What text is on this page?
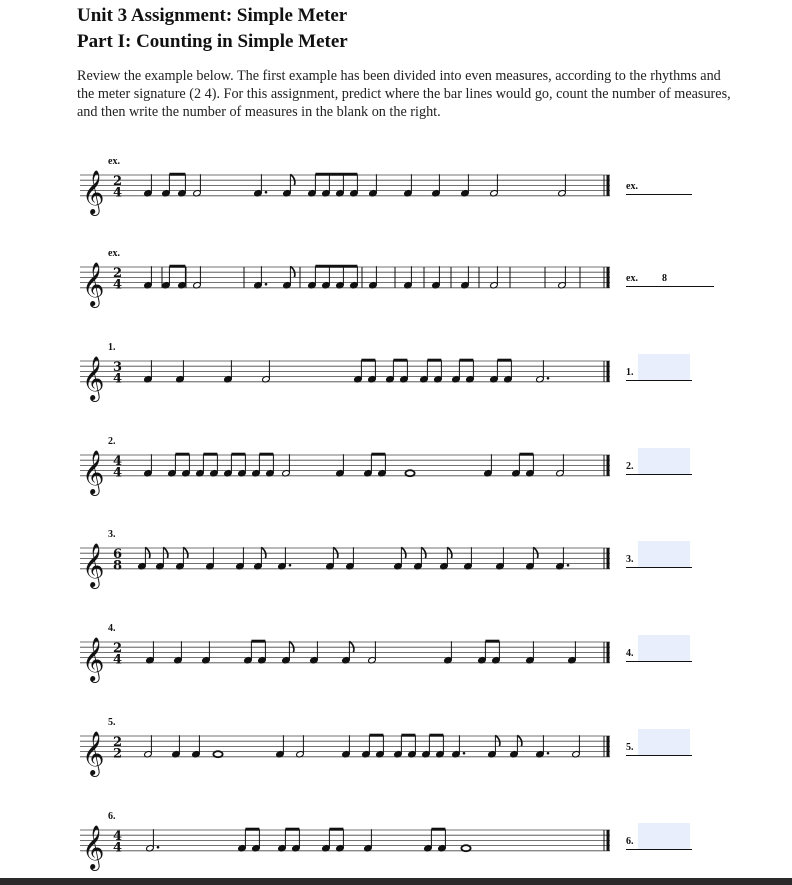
Unit 3 Assignment: Simple Meter
Part I: Counting in Simple Meter
Review the example below. The first example has been divided into even measures, according to the rhythms and the meter signature (2 4). For this assignment, predict where the bar lines would go, count the number of measures, and then write the number of measures in the blank on the right.
ex.
𝄞 2
4	ex.
ex.
𝄞 2
4	ex. 8
1.
𝄞 3
4	1.
2.
𝄞 4
4	2.
3.
𝄞 6
8	3.
4.
𝄞 2
4	4.
5.
𝄞 2
2	5.
6.
𝄞 4
4	6.
